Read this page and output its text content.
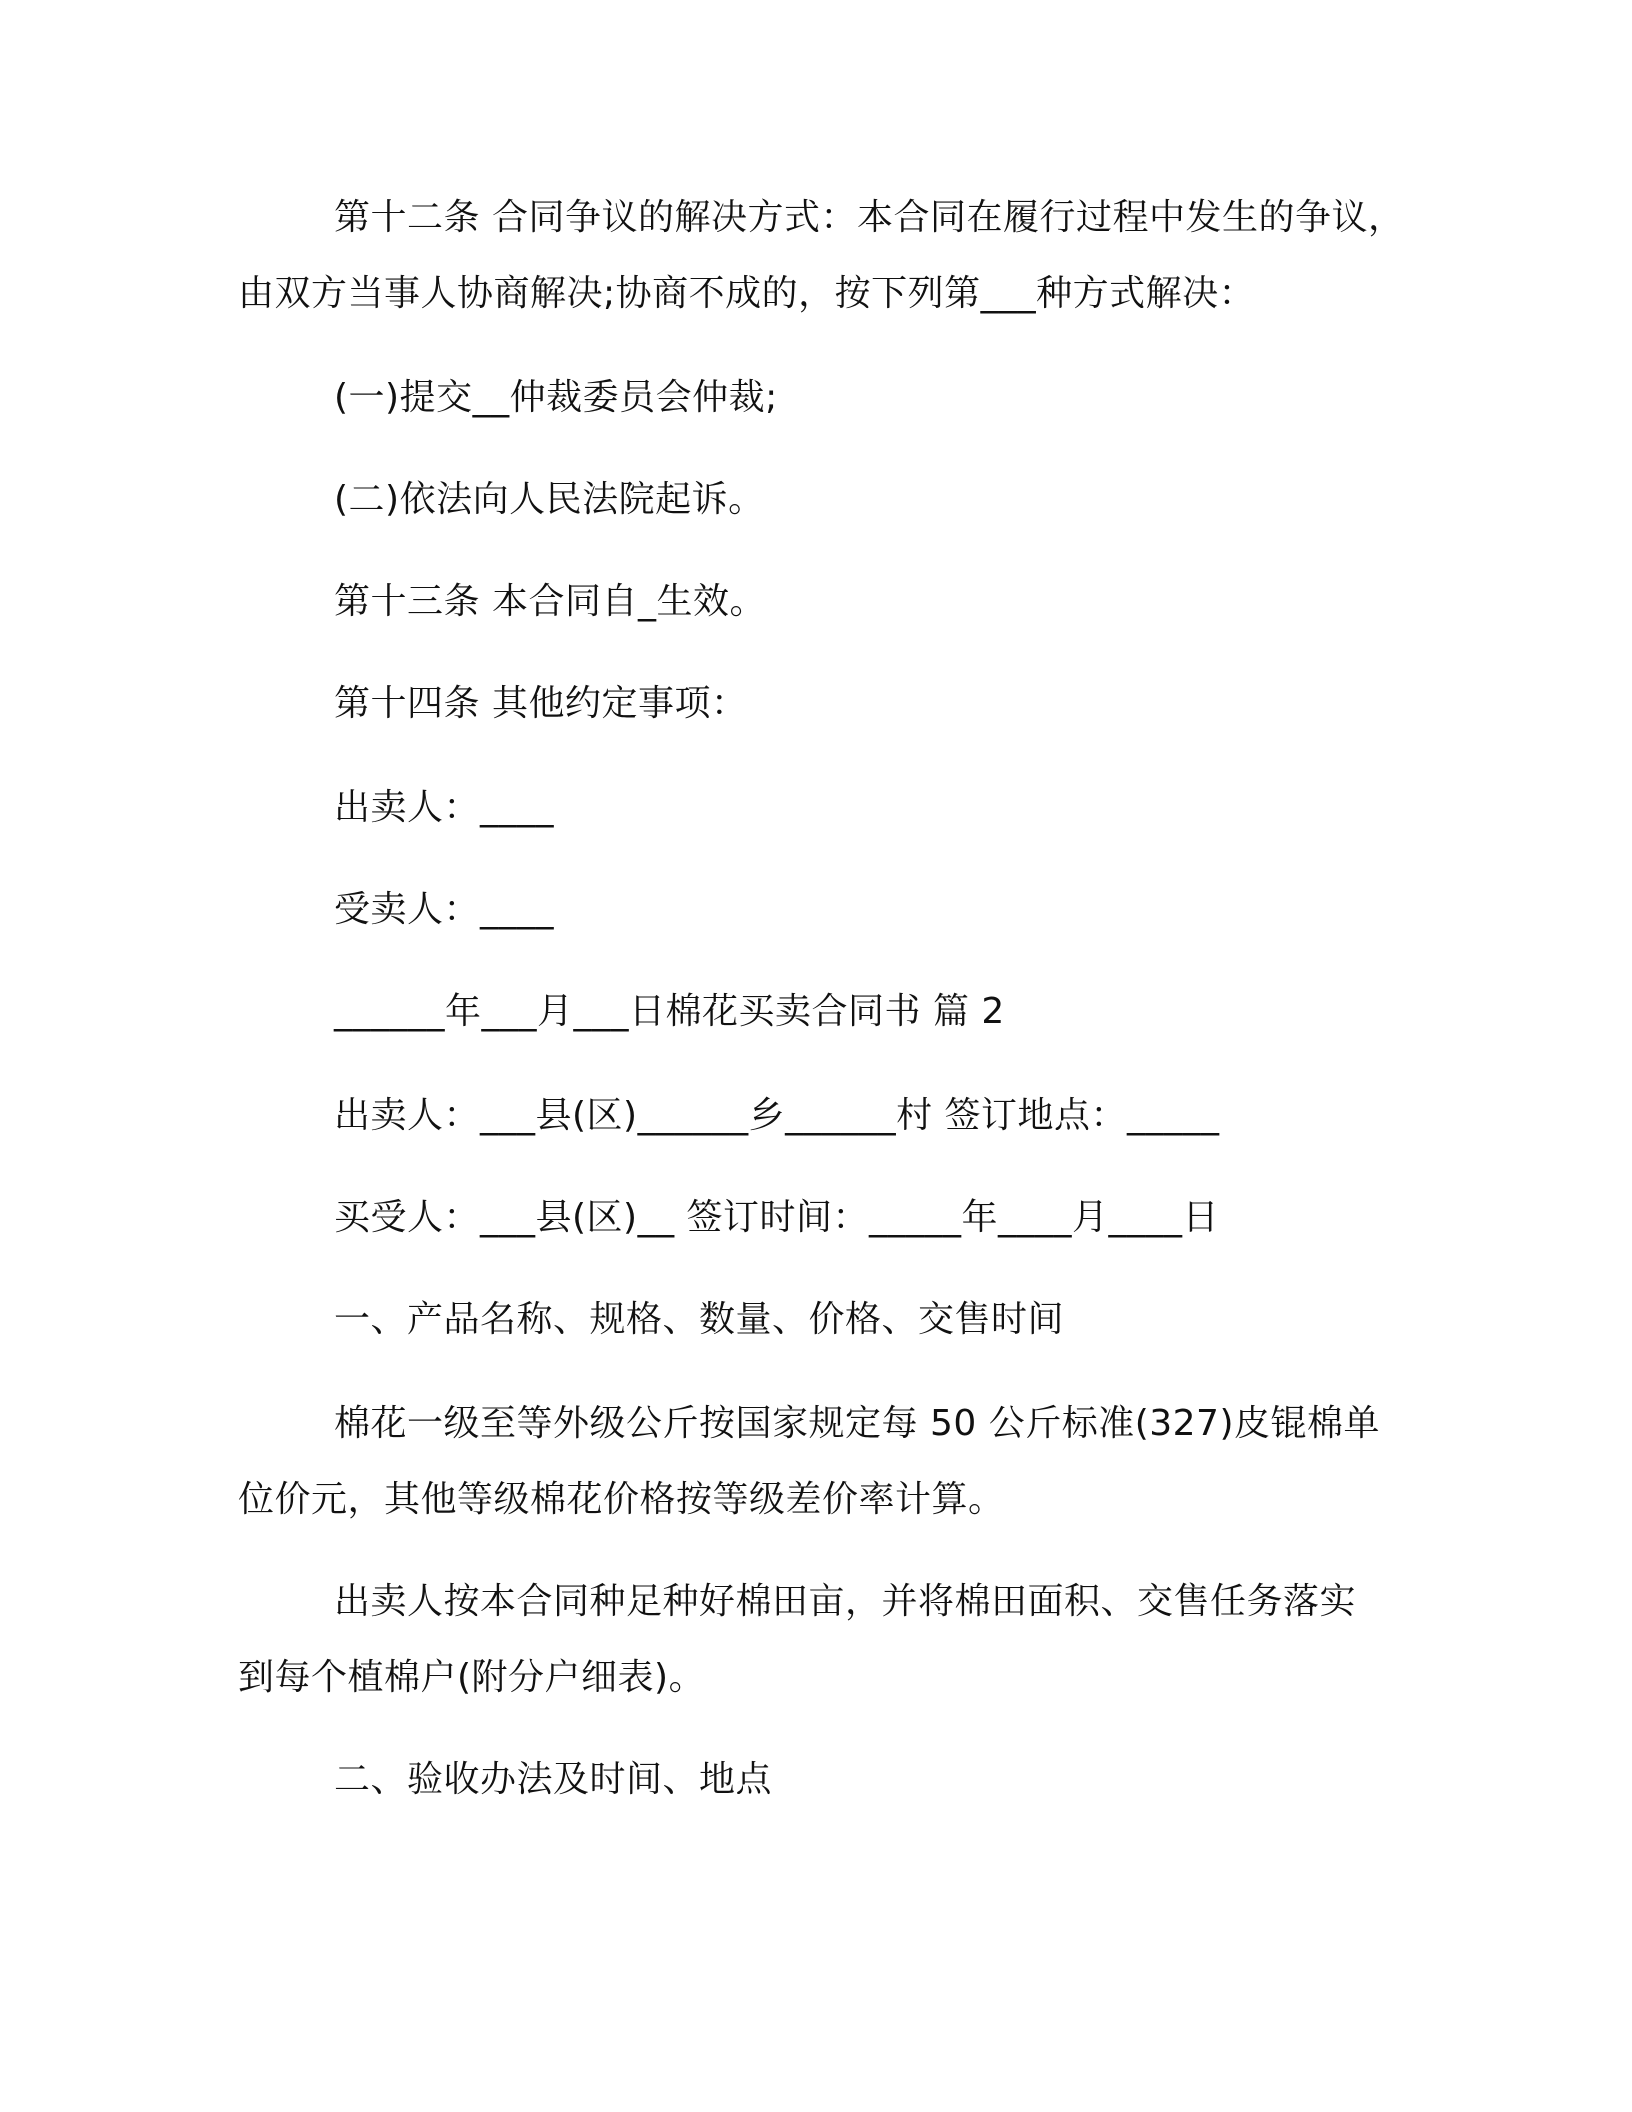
第十二条 合同争议的解决方式：本合同在履行过程中发生的争议，
由双方当事人协商解决;协商不成的，按下列第___种方式解决：
(一)提交__仲裁委员会仲裁;
(二)依法向人民法院起诉。
第十三条 本合同自_生效。
第十四条 其他约定事项：
出卖人：____
受卖人：____
______年___月___日棉花买卖合同书 篇 2
出卖人：___县(区)______乡______村 签订地点：_____
买受人：___县(区)__ 签订时间：_____年____月____日
一、产品名称、规格、数量、价格、交售时间
棉花一级至等外级公斤按国家规定每 50 公斤标准(327)皮锟棉单
位价元，其他等级棉花价格按等级差价率计算。
出卖人按本合同种足种好棉田亩，并将棉田面积、交售任务落实
到每个植棉户(附分户细表)。
二、验收办法及时间、地点
